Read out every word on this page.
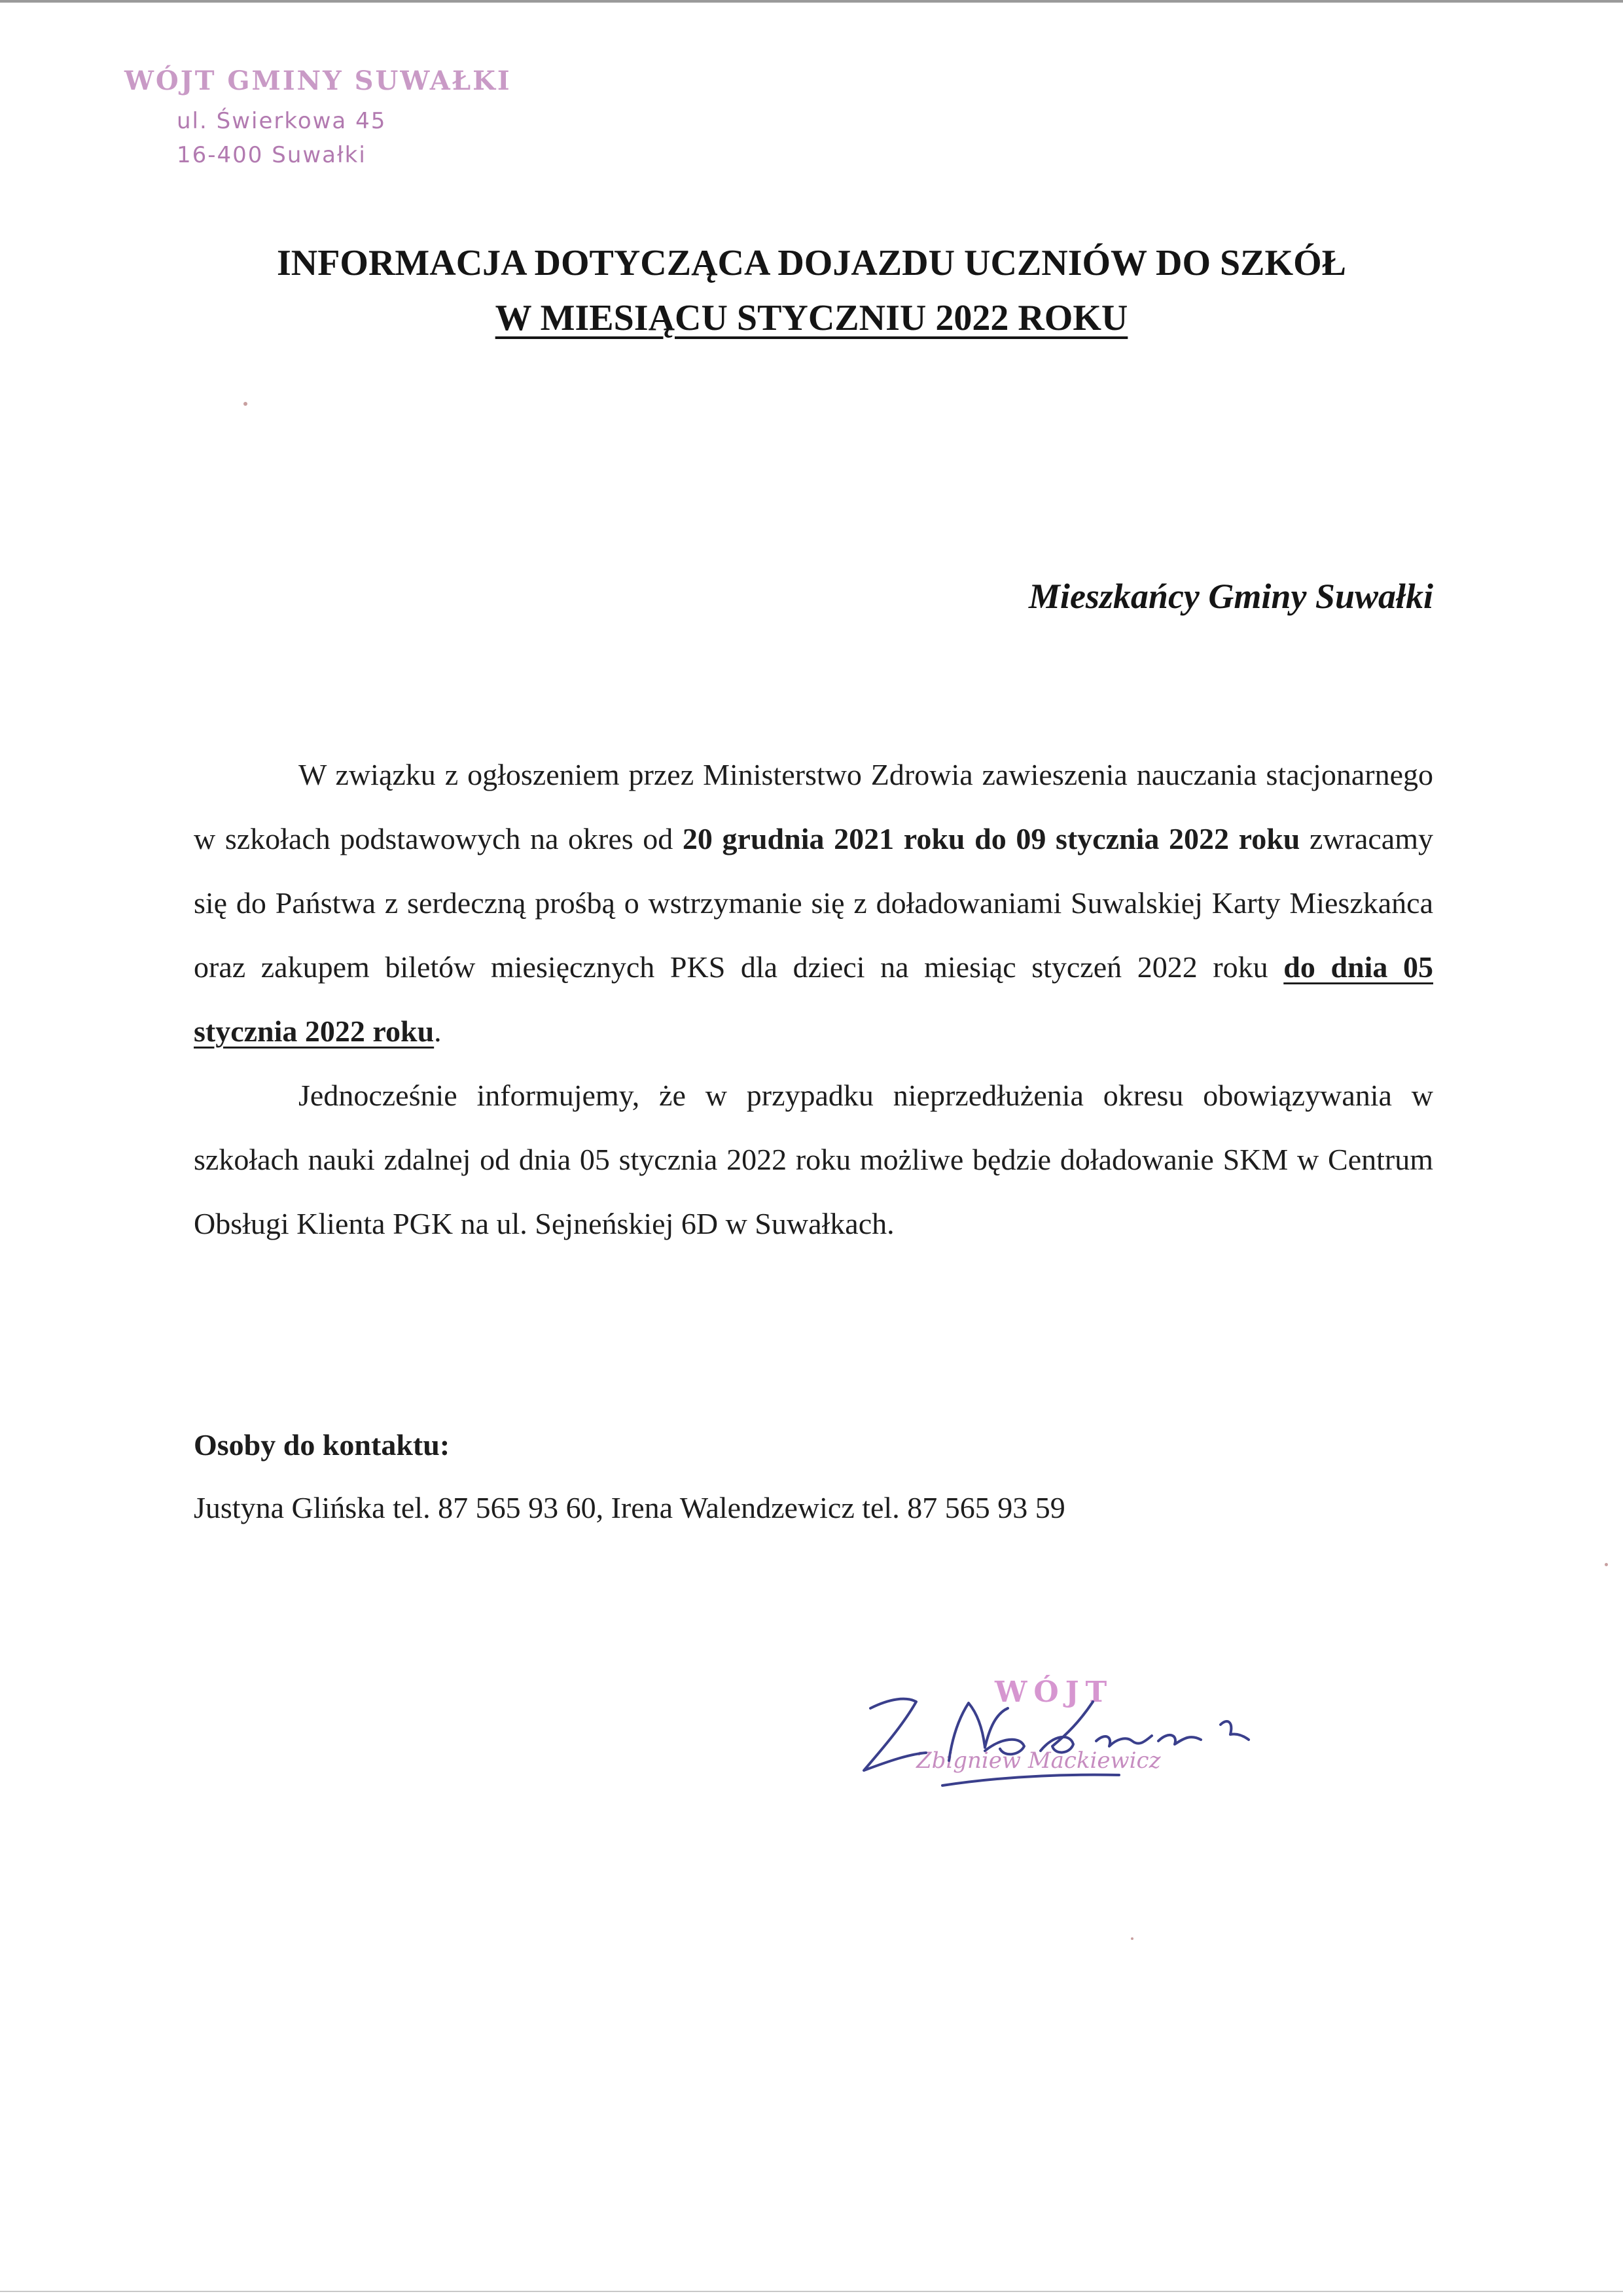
WÓJT GMINY SUWAŁKI
ul. Świerkowa 45
16-400 Suwałki
INFORMACJA DOTYCZĄCA DOJAZDU UCZNIÓW DO SZKÓŁ
W MIESIĄCU STYCZNIU 2022 ROKU
Mieszkańcy Gminy Suwałki

W związku z ogłoszeniem przez Ministerstwo Zdrowia zawieszenia nauczania stacjonarnego w szkołach podstawowych na okres od 20 grudnia 2021 roku do 09 stycznia 2022 roku zwracamy się do Państwa z serdeczną prośbą o wstrzymanie się z doładowaniami Suwalskiej Karty Mieszkańca oraz zakupem biletów miesięcznych PKS dla dzieci na miesiąc styczeń 2022 roku do dnia 05 stycznia 2022 roku.

Jednocześnie informujemy, że w przypadku nieprzedłużenia okresu obowiązywania w szkołach nauki zdalnej od dnia 05 stycznia 2022 roku możliwe będzie doładowanie SKM w Centrum Obsługi Klienta PGK na ul. Sejneńskiej 6D w Suwałkach.

Osoby do kontaktu:
Justyna Glińska tel. 87 565 93 60, Irena Walendzewicz tel. 87 565 93 59
WÓJT
Zbigniew Mackiewicz
